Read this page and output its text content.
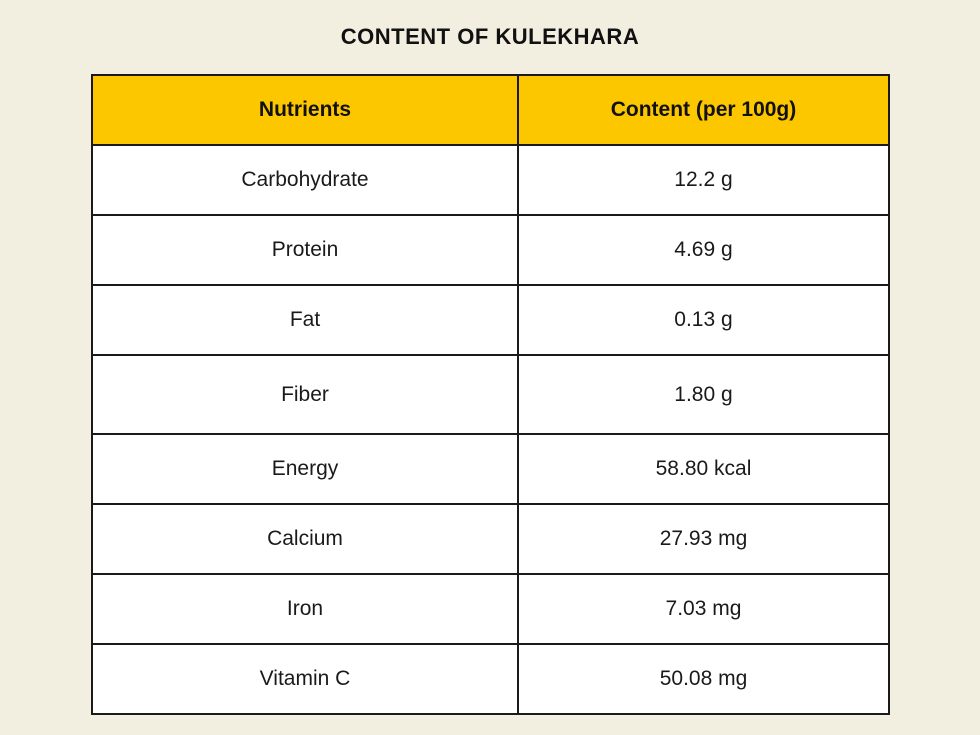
CONTENT OF KULEKHARA
Nutrients	Content (per 100g)
Carbohydrate	12.2 g
Protein	4.69 g
Fat	0.13 g
Fiber	1.80 g
Energy	58.80 kcal
Calcium	27.93 mg
Iron	7.03 mg
Vitamin C	50.08 mg
